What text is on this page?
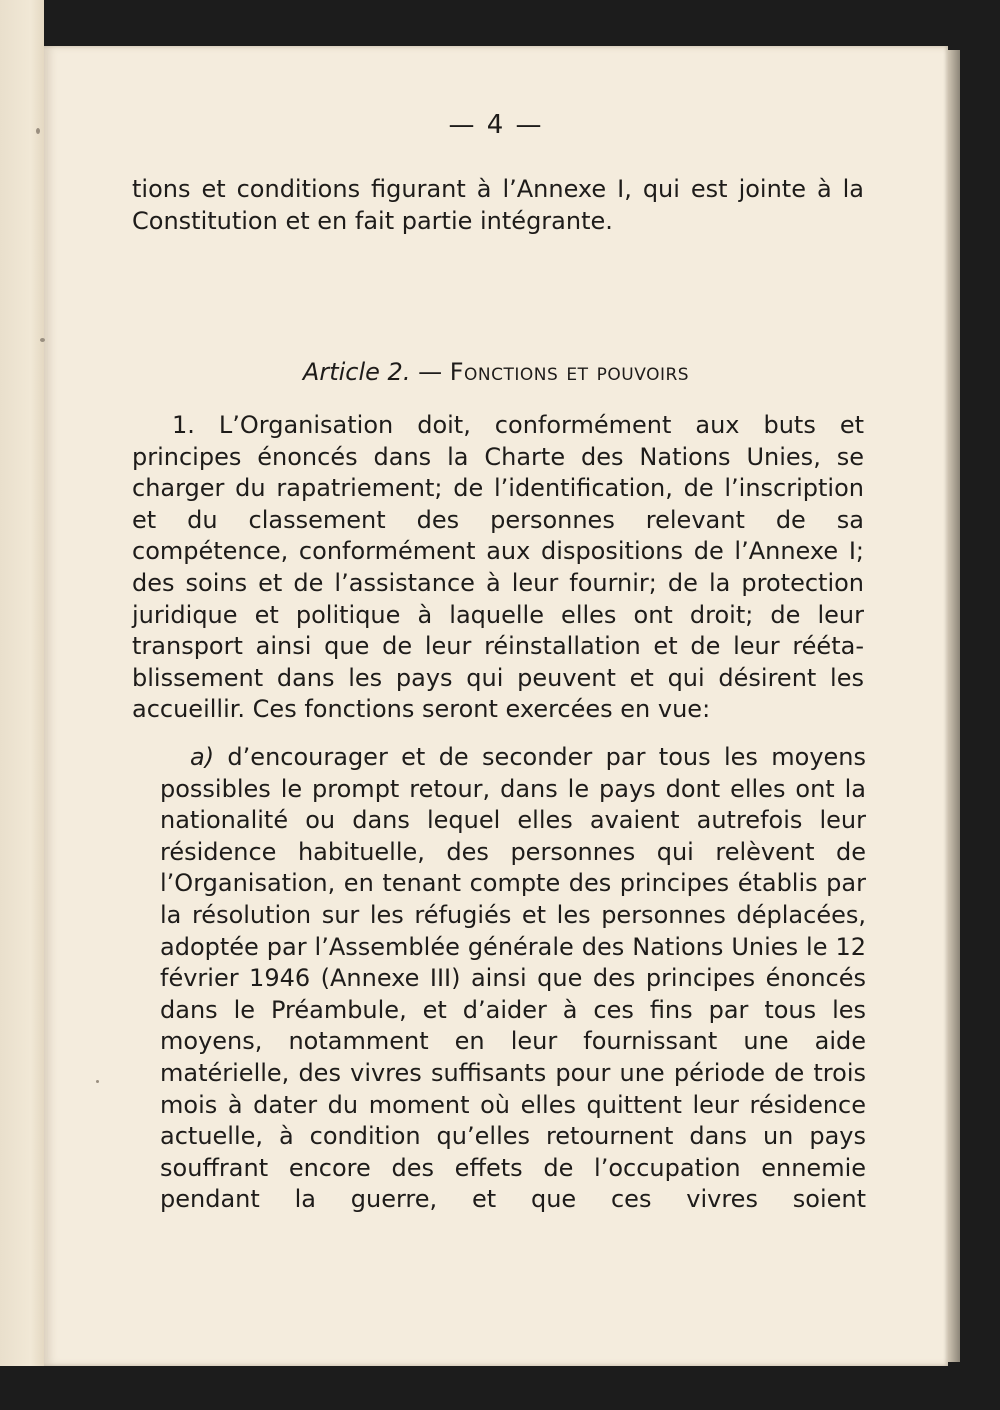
— 4 —
tions et conditions figurant à l’Annexe I, qui est jointe à la Constitution et en fait partie intégrante.
Article 2. — Fonctions et pouvoirs
1. L’Organisation doit, conformément aux buts et principes énoncés dans la Charte des Nations Unies, se charger du rapatriement; de l’identification, de l’inscription et du classement des personnes relevant de sa compétence, conformément aux dispositions de l’Annexe I; des soins et de l’assistance à leur fournir; de la protection juridique et politique à laquelle elles ont droit; de leur transport ainsi que de leur réinstallation et de leur réétablissement dans les pays qui peuvent et qui désirent les accueillir. Ces fonctions seront exercées en vue:
a) d’encourager et de seconder par tous les moyens possibles le prompt retour, dans le pays dont elles ont la nationalité ou dans lequel elles avaient autrefois leur résidence habituelle, des personnes qui relèvent de l’Organisation, en tenant compte des principes établis par la résolution sur les réfugiés et les personnes déplacées, adoptée par l’Assemblée générale des Nations Unies le 12 février 1946 (Annexe III) ainsi que des principes énoncés dans le Préambule, et d’aider à ces fins par tous les moyens, notamment en leur fournissant une aide matérielle, des vivres suffisants pour une période de trois mois à dater du moment où elles quittent leur résidence actuelle, à condition qu’elles retournent dans un pays souffrant encore des effets de l’occupation ennemie pendant la guerre, et que ces vivres soient
